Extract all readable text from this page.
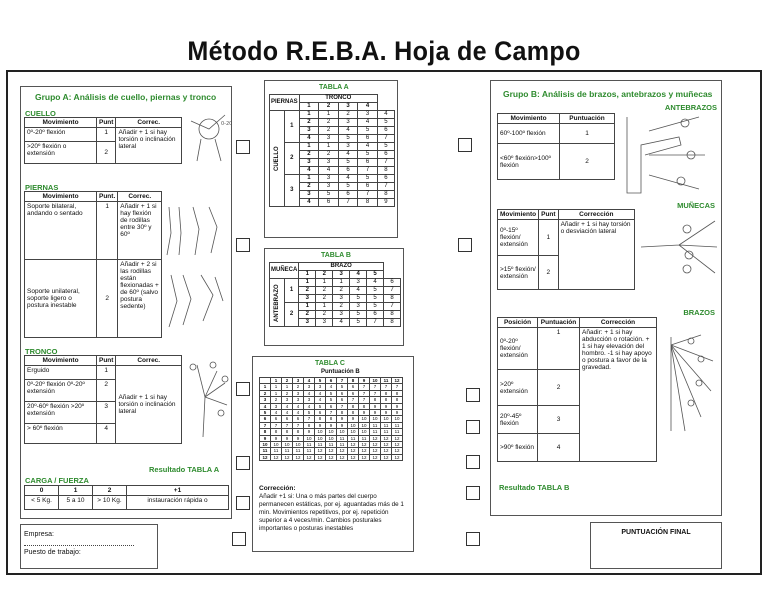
Método R.E.B.A. Hoja de Campo
Grupo A: Análisis de cuello, piernas y tronco
CUELLO
Movimiento	Punt	Correc.
0º-20º flexión	1	Añadir + 1 si hay torsión o inclinación lateral
>20º flexión o extensión	2	
0-20
PIERNAS
Movimiento	Punt.	Correc.	
Soporte bilateral, andando o sentado	1	Añadir + 1 si hay flexión de rodillas entre 30º y 60º	
Soporte unilateral, soporte ligero o postura inestable	2	Añadir + 2 si las rodillas están flexionadas + de 60º (salvo postura sedente)	
TRONCO
Movimiento	Punt	Correc.
Erguido	1	Añadir + 1 si hay torsión o inclinación lateral
0º-20º flexión 0º-20º extensión	2	
20º-60º flexión >20º extensión	3	
> 60º flexión	4	
Resultado TABLA A
CARGA / FUERZA
0	1	2	+1
< 5 Kg.	5 a 10	> 10 Kg.	instauración rápida o
Empresa:
Puesto de trabajo:
TABLA A
PIERNAS		TRONCO				
		1	2	3	4	
CUELLO	1	1	1	2	3	4
		2	2	3	4	5
		3	2	4	5	6
		4	3	5	6	7
	2	1	1	3	4	5
		2	2	4	5	6
		3	3	5	6	7
		4	4	6	7	8
	3	1	3	4	5	6
		2	3	5	6	7
		3	5	6	7	8
		4	6	7	8	9
TABLA B
MUÑECA		BRAZO					
		1	2	3	4	5	
ANTEBRAZO	1	1	1	1	3	4	6
		2	2	2	4	5	7
		3	2	3	5	5	8
	2	1	1	2	3	5	7
		2	2	3	5	6	8
		3	3	4	5	7	8
TABLA C
Puntuación B
	1	2	3	4	5	6	7	8	9	10	11	12
1	1	1	2	3	3	4	5	6	7	7	7	7
2	1	2	3	4	4	5	6	6	7	7	8	8
3	2	3	3	3	4	5	6	7	7	8	8	8
4	3	4	4	4	5	6	7	8	8	9	9	9
5	4	4	4	5	6	7	8	8	9	9	9	9
6	6	6	6	7	8	8	9	9	10	10	10	10
7	7	7	7	8	9	9	9	10	10	11	11	11
8	8	8	8	9	10	10	10	10	10	11	11	11
9	9	9	9	10	10	10	11	11	11	12	12	12
10	10	10	10	11	11	11	11	12	12	12	12	12
11	11	11	11	11	12	12	12	12	12	12	12	12
12	12	12	12	12	12	12	12	12	12	12	12	12
Corrección:
Añadir +1 si: Una o más partes del cuerpo permanecen estáticas, por ej. aguantadas más de 1 min. Movimientos repetitivos, por ej. repetición superior a 4 veces/min. Cambios posturales importantes o posturas inestables
Grupo B: Análisis de brazos, antebrazos y muñecas
ANTEBRAZOS
Movimiento	Puntuación
60º-100º flexión	1
<60º flexión>100º flexión	2
MUÑECAS
Movimiento	Punt	Corrección
0º-15º flexión/ extensión	1	Añadir + 1 si hay torsión o desviación lateral
>15º flexión/ extensión	2	
BRAZOS
Posición	Puntuación	Corrección
0º-20º flexión/ extensión	1	Añadir: + 1 si hay abducción o rotación. + 1 si hay elevación del hombro. -1 si hay apoyo o postura a favor de la gravedad.
>20º extensión	2	
20º-45º flexión	3	
>90º flexión	4	
Resultado TABLA B
PUNTUACIÓN FINAL
